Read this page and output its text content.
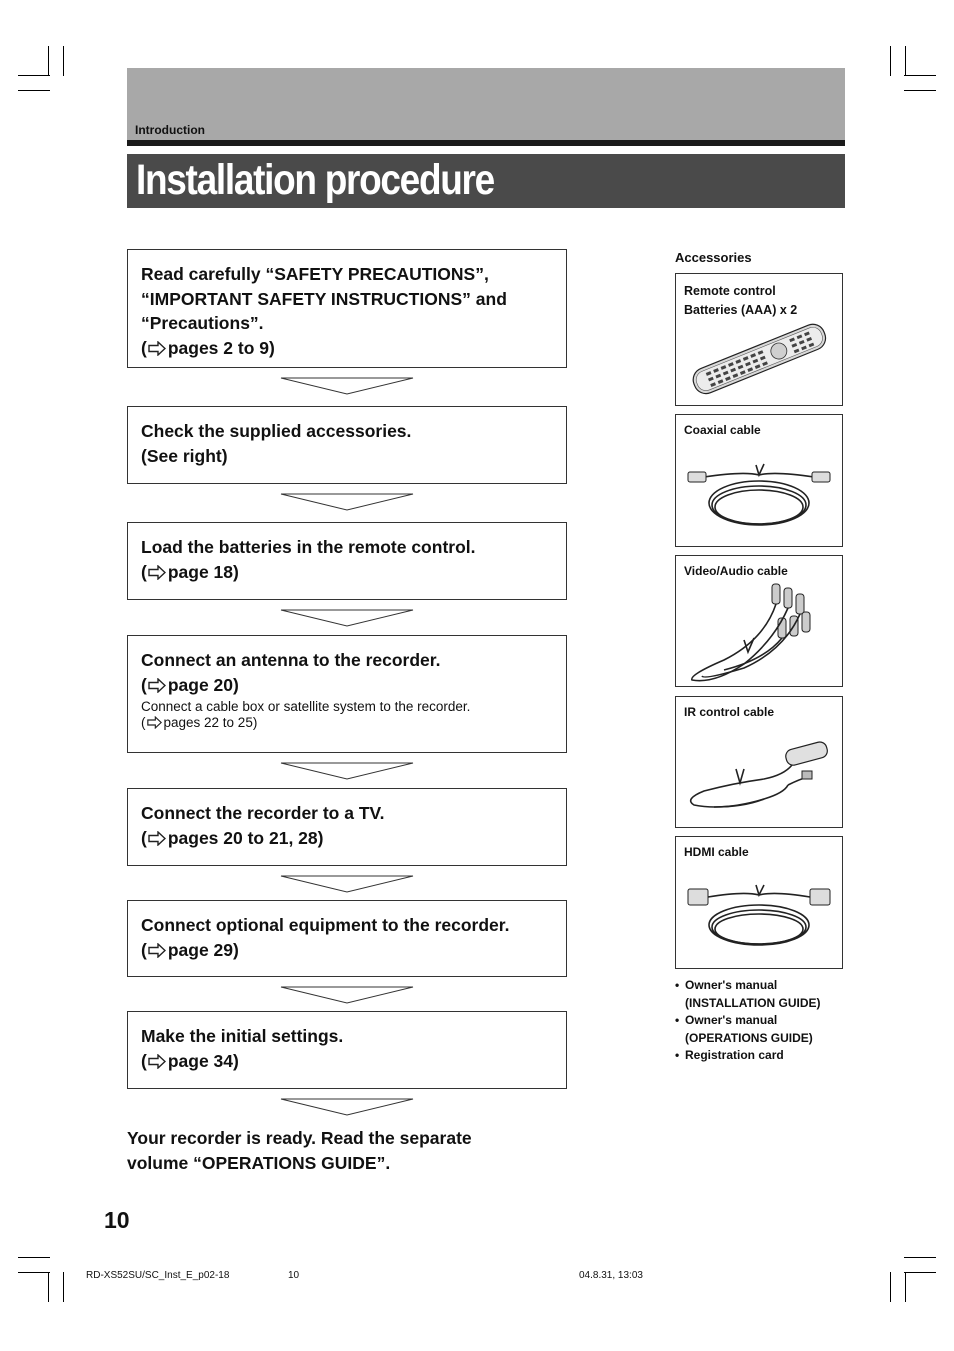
Introduction
Installation procedure
Read carefully “SAFETY PRECAUTIONS”,
“IMPORTANT SAFETY INSTRUCTIONS” and
“Precautions”.
( pages 2 to 9)
Check the supplied accessories.
(See right)
Load the batteries in the remote control.
( page 18)
Connect an antenna to the recorder.
( page 20)
Connect a cable box or satellite system to the recorder.
( pages 22 to 25)
Connect the recorder to a TV.
( pages 20 to 21, 28)
Connect optional equipment to the recorder.
( page 29)
Make the initial settings.
( page 34)
Your recorder is ready. Read the separate
volume “OPERATIONS GUIDE”.
Accessories
Remote control
Batteries (AAA) x 2
Coaxial cable
Video/Audio cable
IR control cable
HDMI cable
• Owner's manual
(INSTALLATION GUIDE)
• Owner's manual
(OPERATIONS GUIDE)
• Registration card
10
RD-XS52SU/SC_Inst_E_p02-18	10	04.8.31, 13:03
